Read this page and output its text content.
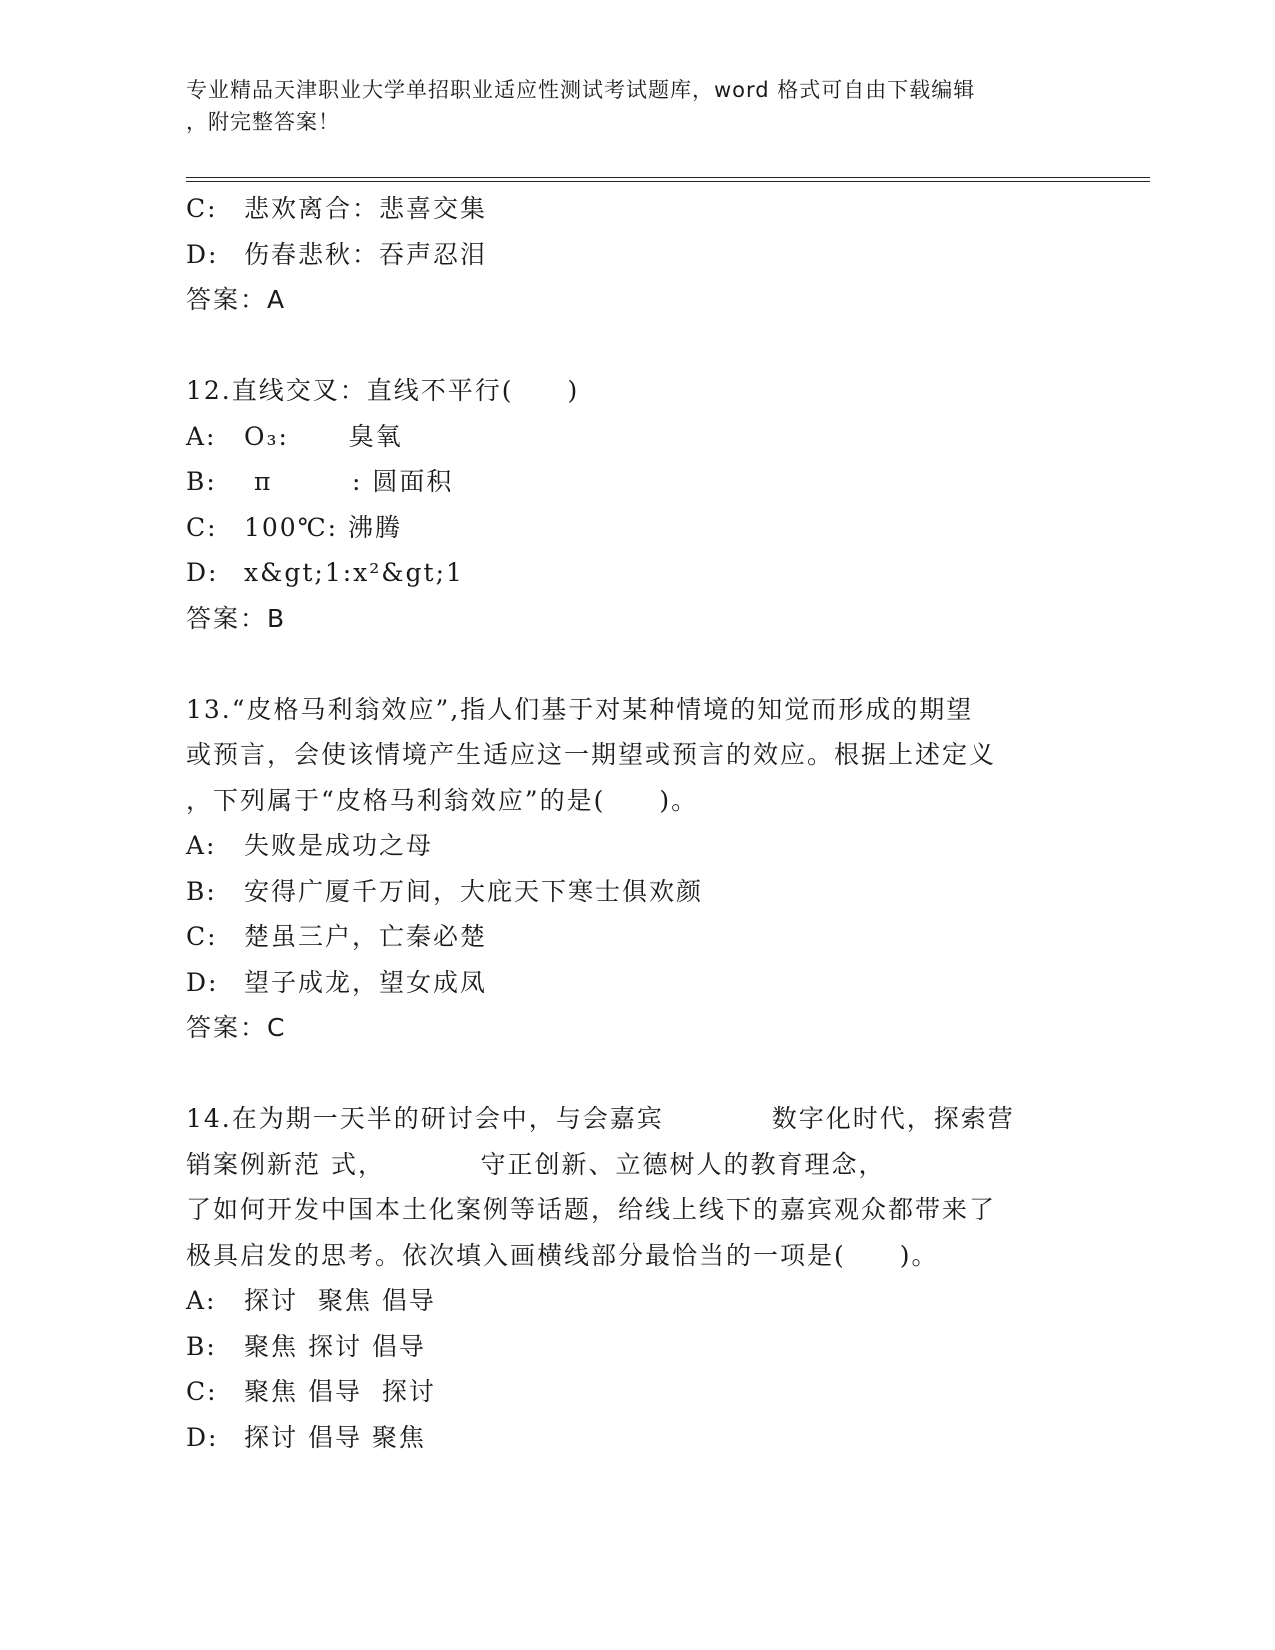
专业精品天津职业大学单招职业适应性测试考试题库，word 格式可自由下载编辑
，附完整答案！
C:	悲欢离合：悲喜交集
D:	伤春悲秋：吞声忍泪
答案：A
12.直线交叉：直线不平行(　　)
A:	O₃:      臭氧
B:	π        : 圆面积
C:	100℃: 沸腾
D:	x&gt;1:x²&gt;1
答案：B
13.“皮格马利翁效应”,指人们基于对某种情境的知觉而形成的期望
或预言，会使该情境产生适应这一期望或预言的效应。根据上述定义
，下列属于“皮格马利翁效应”的是(　　)。
A:	失败是成功之母
B:	安得广厦千万间，大庇天下寒士俱欢颜
C:	楚虽三户，亡秦必楚
D:	望子成龙，望女成凤
答案：C
14.在为期一天半的研讨会中，与会嘉宾　　　　数字化时代，探索营
销案例新范 式，　　　　守正创新、立德树人的教育理念，
了如何开发中国本土化案例等话题，给线上线下的嘉宾观众都带来了
极具启发的思考。依次填入画横线部分最恰当的一项是(　　)。
A:	探讨  聚焦 倡导
B:	聚焦 探讨 倡导
C:	聚焦 倡导  探讨
D:	探讨 倡导 聚焦
